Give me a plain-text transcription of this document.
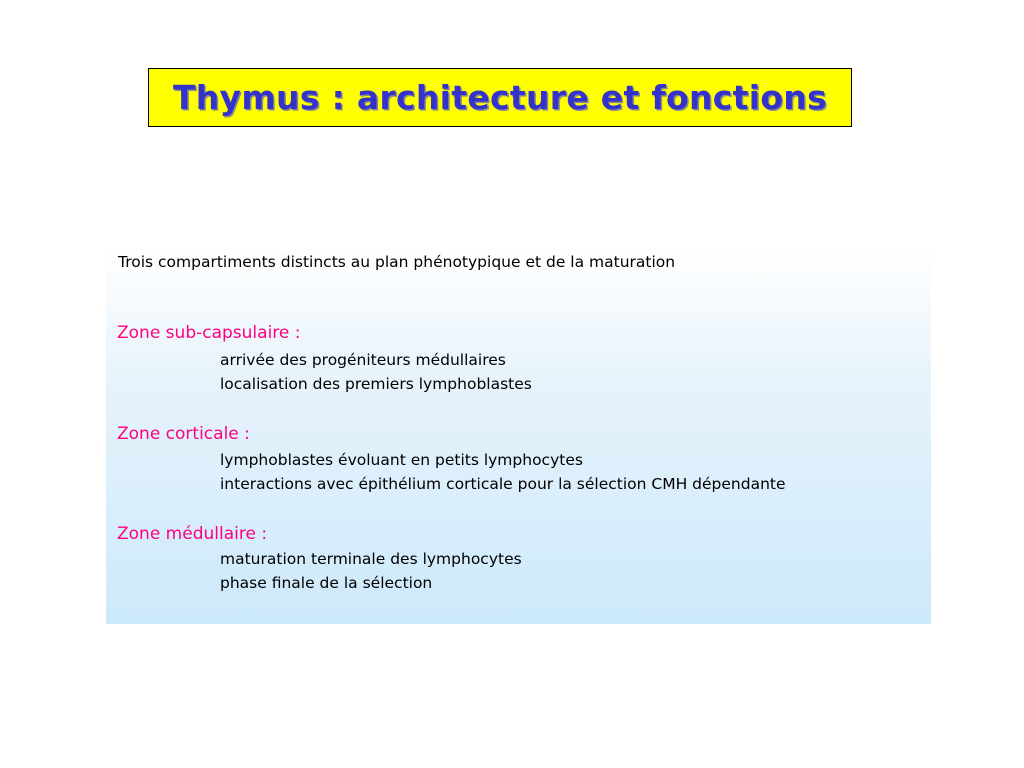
Thymus : architecture et fonctions
Trois compartiments distincts au plan phénotypique et de la maturation
Zone sub-capsulaire :
arrivée des progéniteurs médullaires
localisation des premiers lymphoblastes
Zone corticale :
lymphoblastes évoluant en petits lymphocytes
interactions avec épithélium corticale pour la sélection CMH dépendante
Zone médullaire :
maturation terminale des lymphocytes
phase finale de la sélection
